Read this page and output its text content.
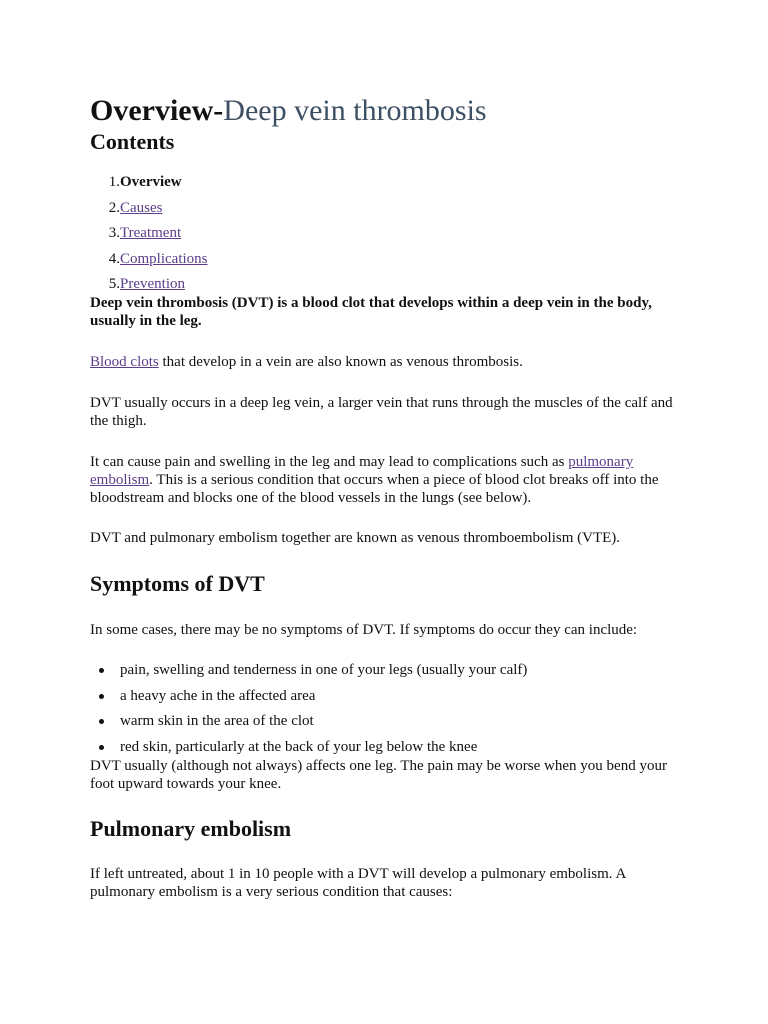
Overview-Deep vein thrombosis
Contents
1. Overview
2. Causes
3. Treatment
4. Complications
5. Prevention

Deep vein thrombosis (DVT) is a blood clot that develops within a deep vein in the body, usually in the leg.

Blood clots that develop in a vein are also known as venous thrombosis.

DVT usually occurs in a deep leg vein, a larger vein that runs through the muscles of the calf and the thigh.

It can cause pain and swelling in the leg and may lead to complications such as pulmonary embolism. This is a serious condition that occurs when a piece of blood clot breaks off into the bloodstream and blocks one of the blood vessels in the lungs (see below).

DVT and pulmonary embolism together are known as venous thromboembolism (VTE).

Symptoms of DVT

In some cases, there may be no symptoms of DVT. If symptoms do occur they can include:

pain, swelling and tenderness in one of your legs (usually your calf)
a heavy ache in the affected area
warm skin in the area of the clot
red skin, particularly at the back of your leg below the knee

DVT usually (although not always) affects one leg. The pain may be worse when you bend your foot upward towards your knee.

Pulmonary embolism

If left untreated, about 1 in 10 people with a DVT will develop a pulmonary embolism. A pulmonary embolism is a very serious condition that causes:
